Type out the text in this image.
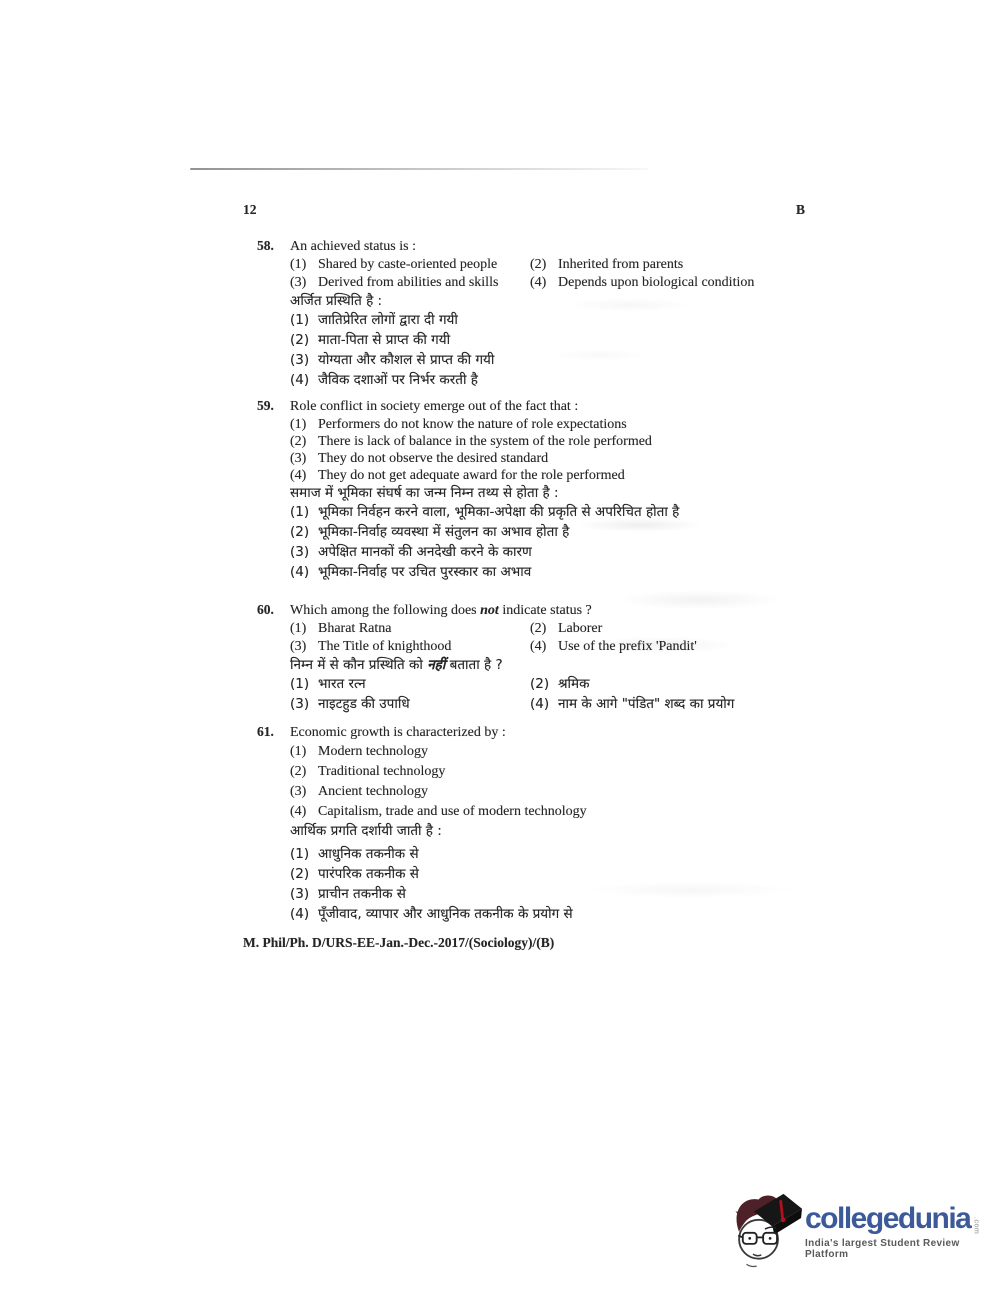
12	B
58. An achieved status is :
(1) Shared by caste-oriented people	(2) Inherited from parents
(3) Derived from abilities and skills	(4) Depends upon biological condition
अर्जित प्रस्थिति है :
(1) जातिप्रेरित लोगों द्वारा दी गयी
(2) माता-पिता से प्राप्त की गयी
(3) योग्यता और कौशल से प्राप्त की गयी
(4) जैविक दशाओं पर निर्भर करती है
59. Role conflict in society emerge out of the fact that :
(1) Performers do not know the nature of role expectations
(2) There is lack of balance in the system of the role performed
(3) They do not observe the desired standard
(4) They do not get adequate award for the role performed
समाज में भूमिका संघर्ष का जन्म निम्न तथ्य से होता है :
(1) भूमिका निर्वहन करने वाला, भूमिका-अपेक्षा की प्रकृति से अपरिचित होता है
(2) भूमिका-निर्वाह व्यवस्था में संतुलन का अभाव होता है
(3) अपेक्षित मानकों की अनदेखी करने के कारण
(4) भूमिका-निर्वाह पर उचित पुरस्कार का अभाव
60. Which among the following does not indicate status ?
(1) Bharat Ratna	(2) Laborer
(3) The Title of knighthood	(4) Use of the prefix 'Pandit'
निम्न में से कौन प्रस्थिति को नहीं बताता है ?
(1) भारत रत्न	(2) श्रमिक
(3) नाइटहुड की उपाधि	(4) नाम के आगे "पंडित" शब्द का प्रयोग
61. Economic growth is characterized by :
(1) Modern technology
(2) Traditional technology
(3) Ancient technology
(4) Capitalism, trade and use of modern technology
आर्थिक प्रगति दर्शायी जाती है :
(1) आधुनिक तकनीक से
(2) पारंपरिक तकनीक से
(3) प्राचीन तकनीक से
(4) पूँजीवाद, व्यापार और आधुनिक तकनीक के प्रयोग से
M. Phil/Ph. D/URS-EE-Jan.-Dec.-2017/(Sociology)/(B)
collegedunia .com
India's largest Student Review Platform
